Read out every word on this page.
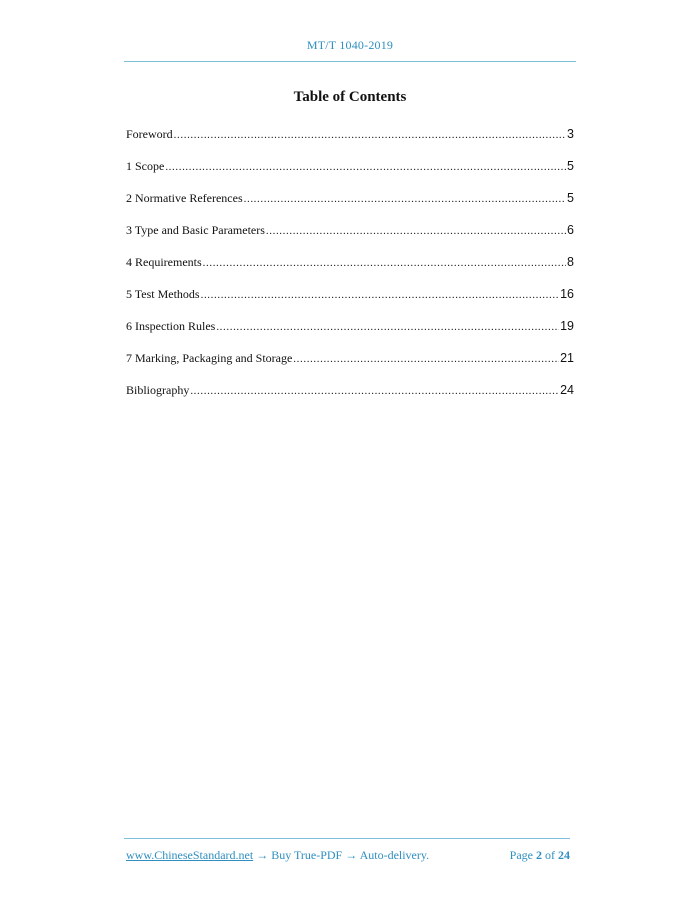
MT/T 1040-2019
Table of Contents
Foreword .....	3
1 Scope .....	5
2 Normative References .....	5
3 Type and Basic Parameters .....	6
4 Requirements .....	8
5 Test Methods .....	16
6 Inspection Rules .....	19
7 Marking, Packaging and Storage .....	21
Bibliography .....	24
www.ChineseStandard.net → Buy True-PDF → Auto-delivery.	Page 2 of 24
